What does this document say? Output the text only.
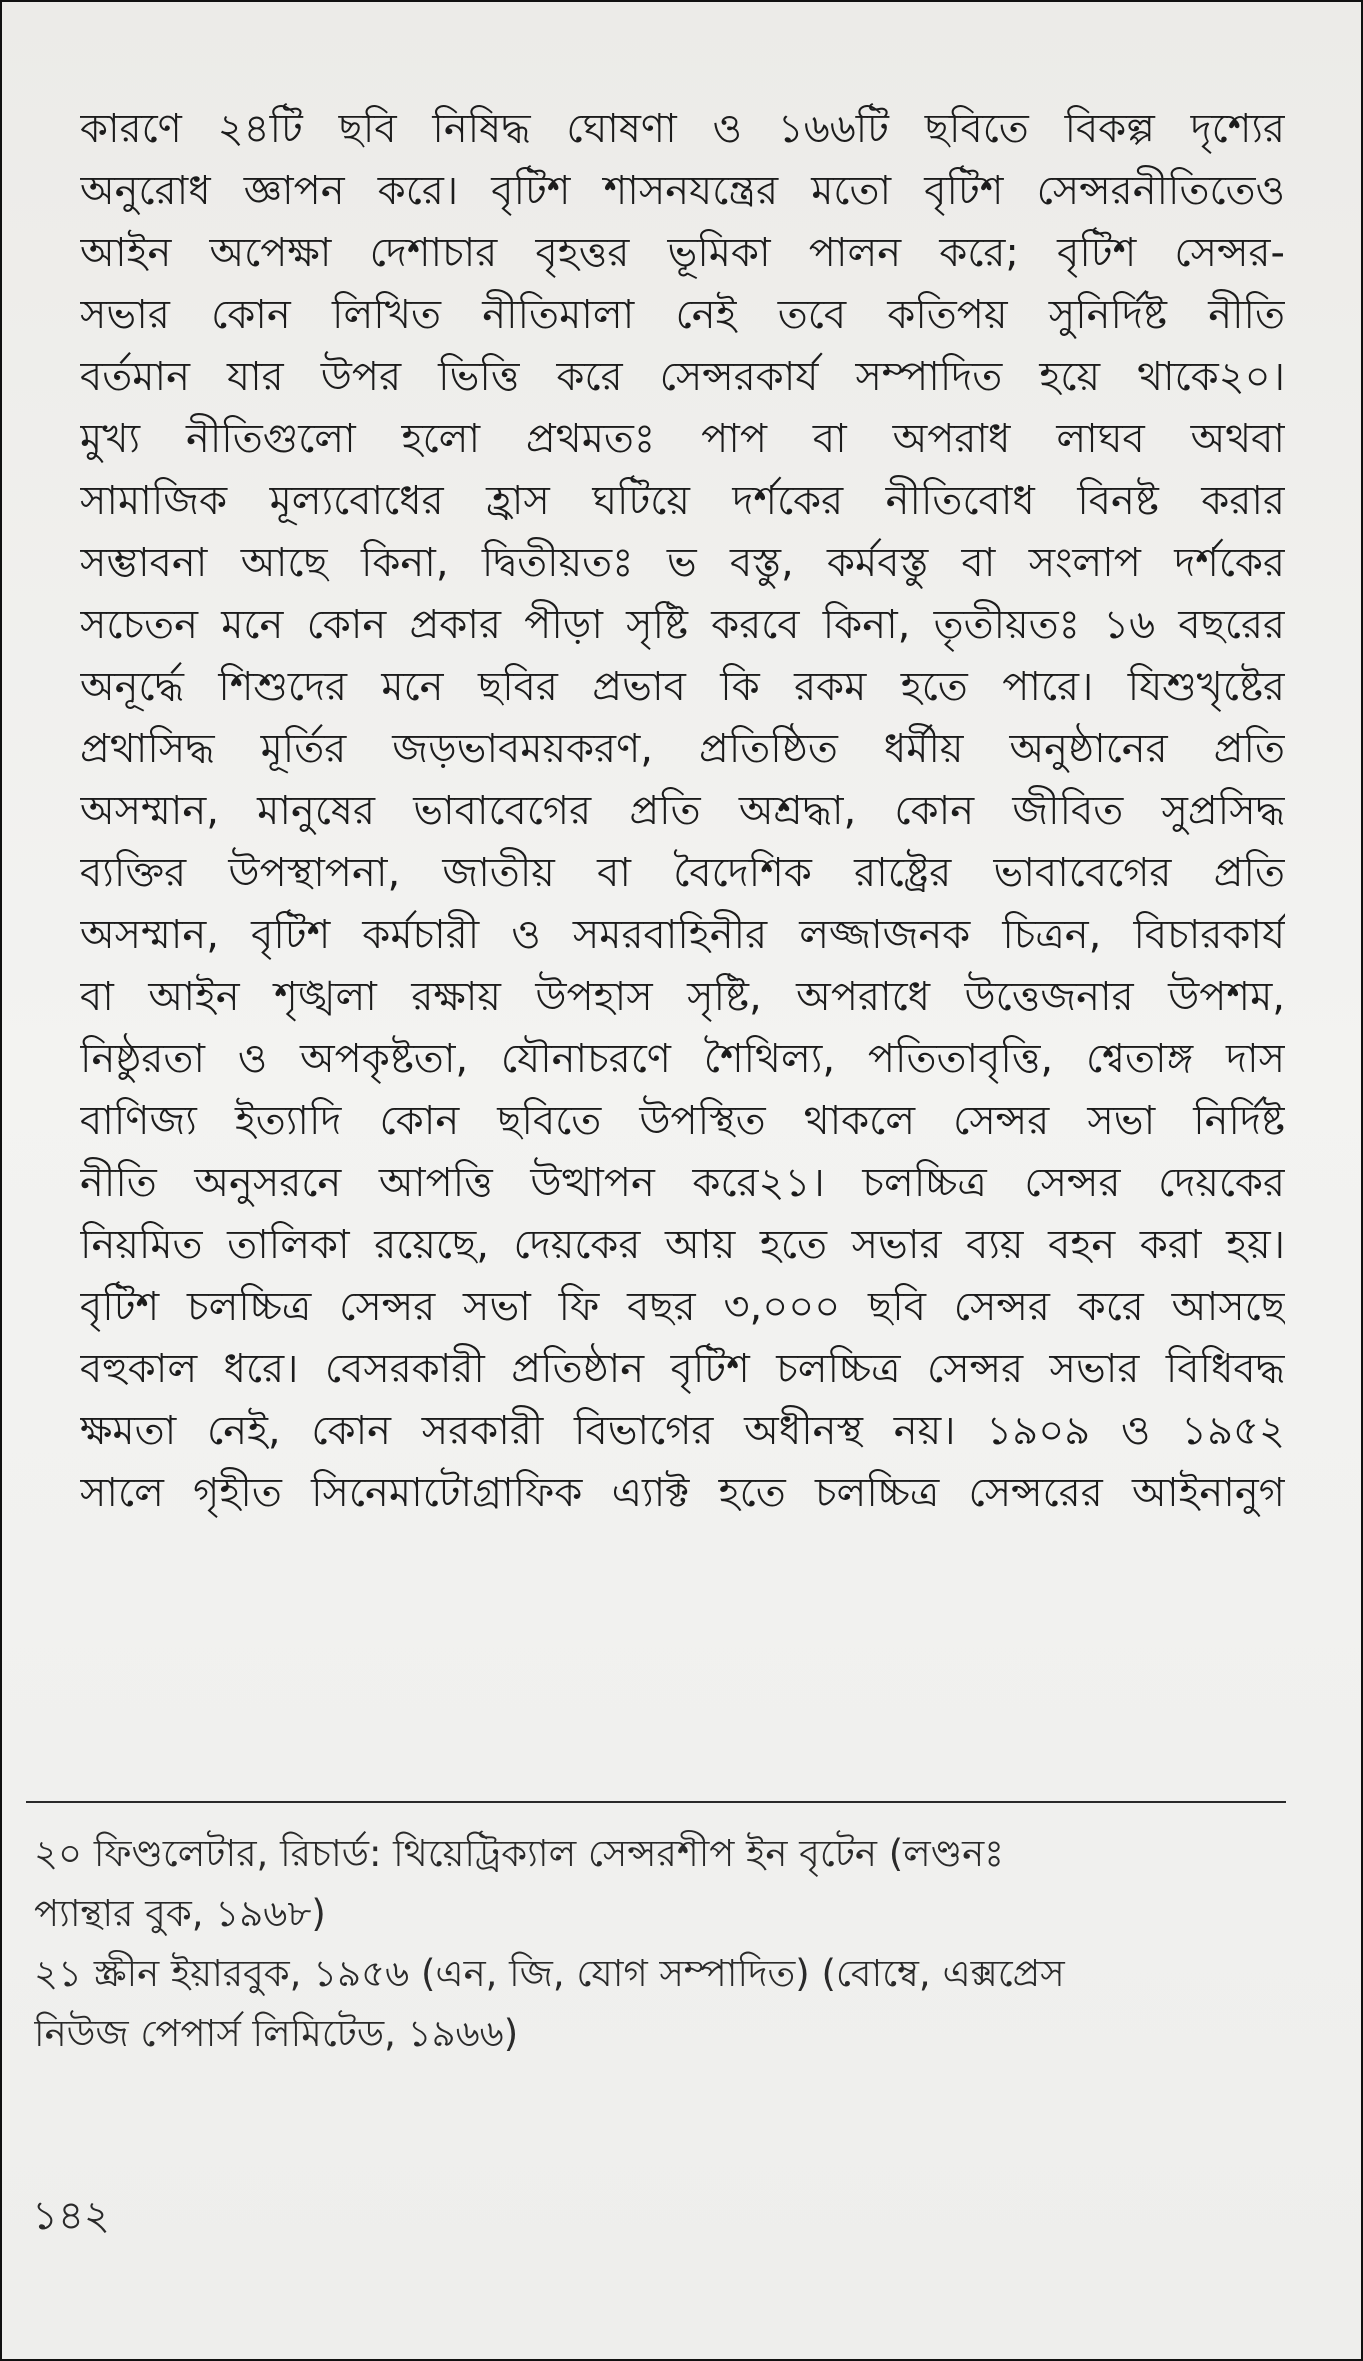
কারণে ২৪টি ছবি নিষিদ্ধ ঘোষণা ও ১৬৬টি ছবিতে বিকল্প দৃশ্যের
অনুরোধ জ্ঞাপন করে। বৃটিশ শাসনযন্ত্রের মতো বৃটিশ সেন্সরনীতিতেও
আইন অপেক্ষা দেশাচার বৃহত্তর ভূমিকা পালন করে; বৃটিশ সেন্সর-
সভার কোন লিখিত নীতিমালা নেই তবে কতিপয় সুনির্দিষ্ট নীতি
বর্তমান যার উপর ভিত্তি করে সেন্সরকার্য সম্পাদিত হয়ে থাকে২০।
মুখ্য নীতিগুলো হলো প্রথমতঃ পাপ বা অপরাধ লাঘব অথবা
সামাজিক মূল্যবোধের হ্রাস ঘটিয়ে দর্শকের নীতিবোধ বিনষ্ট করার
সম্ভাবনা আছে কিনা, দ্বিতীয়তঃ ভ বস্তু, কর্মবস্তু বা সংলাপ দর্শকের
সচেতন মনে কোন প্রকার পীড়া সৃষ্টি করবে কিনা, তৃতীয়তঃ ১৬ বছরের
অনূর্দ্ধে শিশুদের মনে ছবির প্রভাব কি রকম হতে পারে। যিশুখৃষ্টের
প্রথাসিদ্ধ মূর্তির জড়ভাবময়করণ, প্রতিষ্ঠিত ধর্মীয় অনুষ্ঠানের প্রতি
অসম্মান, মানুষের ভাবাবেগের প্রতি অশ্রদ্ধা, কোন জীবিত সুপ্রসিদ্ধ
ব্যক্তির উপস্থাপনা, জাতীয় বা বৈদেশিক রাষ্ট্রের ভাবাবেগের প্রতি
অসম্মান, বৃটিশ কর্মচারী ও সমরবাহিনীর লজ্জাজনক চিত্রন, বিচারকার্য
বা আইন শৃঙ্খলা রক্ষায় উপহাস সৃষ্টি, অপরাধে উত্তেজনার উপশম,
নিষ্ঠুরতা ও অপকৃষ্টতা, যৌনাচরণে শৈথিল্য, পতিতাবৃত্তি, শ্বেতাঙ্গ দাস
বাণিজ্য ইত্যাদি কোন ছবিতে উপস্থিত থাকলে সেন্সর সভা নির্দিষ্ট
নীতি অনুসরনে আপত্তি উত্থাপন করে২১। চলচ্চিত্র সেন্সর দেয়কের
নিয়মিত তালিকা রয়েছে, দেয়কের আয় হতে সভার ব্যয় বহন করা হয়।
বৃটিশ চলচ্চিত্র সেন্সর সভা ফি বছর ৩,০০০ ছবি সেন্সর করে আসছে
বহুকাল ধরে। বেসরকারী প্রতিষ্ঠান বৃটিশ চলচ্চিত্র সেন্সর সভার বিধিবদ্ধ
ক্ষমতা নেই, কোন সরকারী বিভাগের অধীনস্থ নয়। ১৯০৯ ও ১৯৫২
সালে গৃহীত সিনেমাটোগ্রাফিক এ্যাক্ট হতে চলচ্চিত্র সেন্সরের আইনানুগ
২০ ফিণ্ডলেটার, রিচার্ড: থিয়েট্রিক্যাল সেন্সরশীপ ইন বৃটেন (লণ্ডনঃ
প্যান্থার বুক, ১৯৬৮)
২১ স্ক্রীন ইয়ারবুক, ১৯৫৬ (এন, জি, যোগ সম্পাদিত) (বোম্বে, এক্সপ্রেস
নিউজ পেপার্স লিমিটেড, ১৯৬৬)
১৪২
